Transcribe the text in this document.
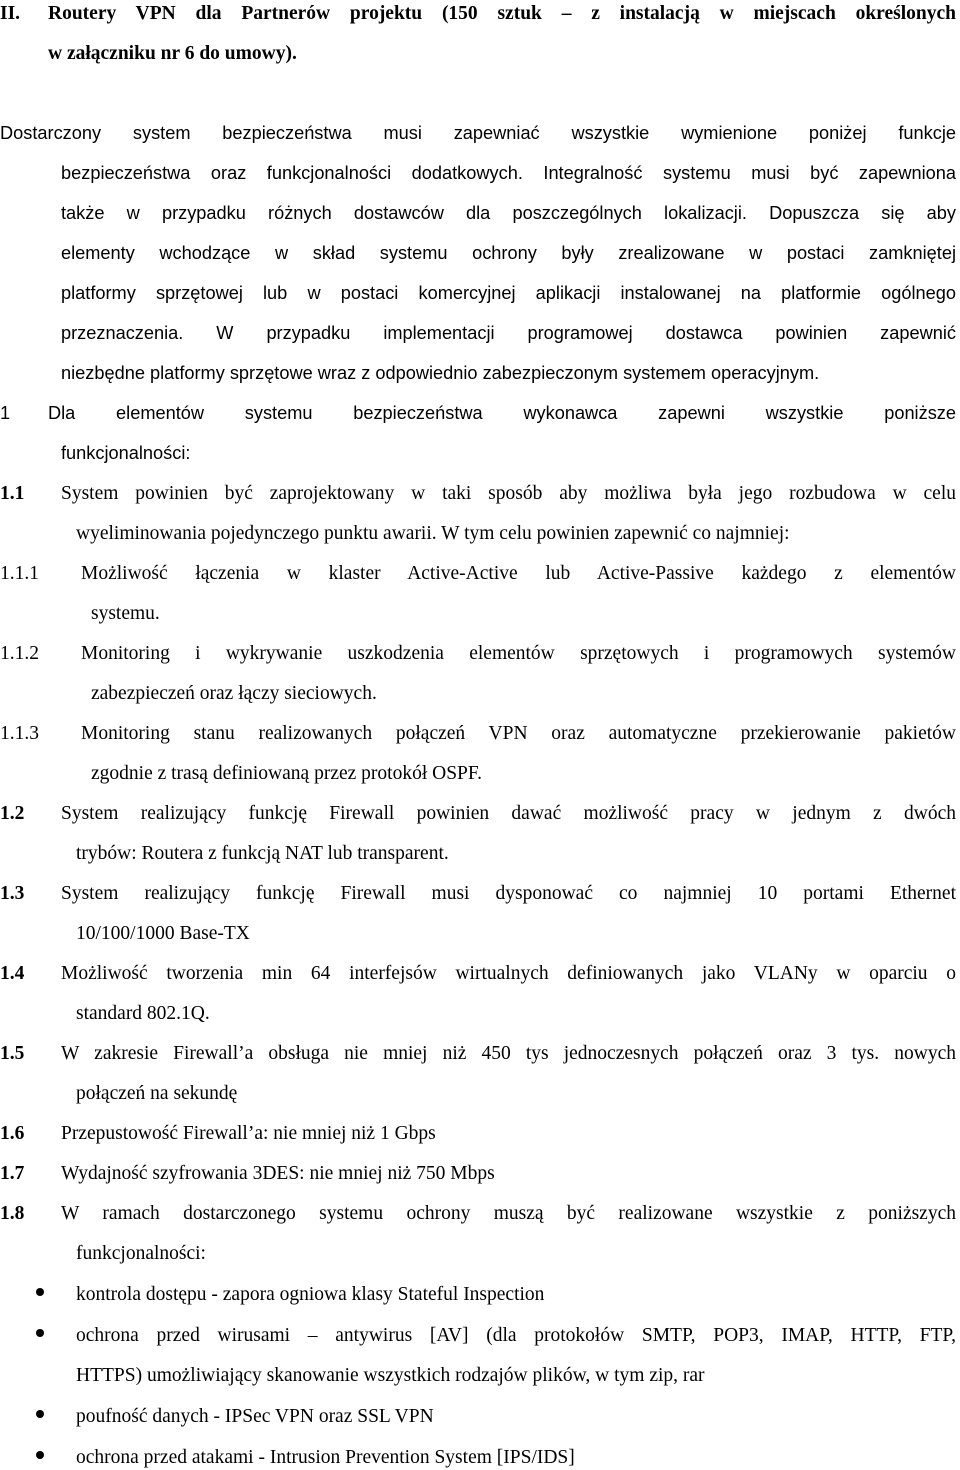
II. Routery VPN dla Partnerów projektu (150 sztuk – z instalacją w miejscach określonych
w załączniku nr 6 do umowy).
Dostarczony system bezpieczeństwa musi zapewniać wszystkie wymienione poniżej funkcje
bezpieczeństwa oraz funkcjonalności dodatkowych. Integralność systemu musi być zapewniona
także w przypadku różnych dostawców dla poszczególnych lokalizacji. Dopuszcza się aby
elementy wchodzące w skład systemu ochrony były zrealizowane w postaci zamkniętej
platformy sprzętowej lub w postaci komercyjnej aplikacji instalowanej na platformie ogólnego
przeznaczenia. W przypadku implementacji programowej dostawca powinien zapewnić
niezbędne platformy sprzętowe wraz z odpowiednio zabezpieczonym systemem operacyjnym.
1 Dla elementów systemu bezpieczeństwa wykonawca zapewni wszystkie poniższe
funkcjonalności:
1.1 System powinien być zaprojektowany w taki sposób aby możliwa była jego rozbudowa w celu
wyeliminowania pojedynczego punktu awarii. W tym celu powinien zapewnić co najmniej:
1.1.1 Możliwość łączenia w klaster Active-Active lub Active-Passive każdego z elementów
systemu.
1.1.2 Monitoring i wykrywanie uszkodzenia elementów sprzętowych i programowych systemów
zabezpieczeń oraz łączy sieciowych.
1.1.3 Monitoring stanu realizowanych połączeń VPN oraz automatyczne przekierowanie pakietów
zgodnie z trasą definiowaną przez protokół OSPF.
1.2 System realizujący funkcję Firewall powinien dawać możliwość pracy w jednym z dwóch
trybów: Routera z funkcją NAT lub transparent.
1.3 System realizujący funkcję Firewall musi dysponować co najmniej 10 portami Ethernet
10/100/1000 Base-TX
1.4 Możliwość tworzenia min 64 interfejsów wirtualnych definiowanych jako VLANy w oparciu o
standard 802.1Q.
1.5 W zakresie Firewall’a obsługa nie mniej niż 450 tys jednoczesnych połączeń oraz 3 tys. nowych
połączeń na sekundę
1.6 Przepustowość Firewall’a: nie mniej niż 1 Gbps
1.7 Wydajność szyfrowania 3DES: nie mniej niż 750 Mbps
1.8 W ramach dostarczonego systemu ochrony muszą być realizowane wszystkie z poniższych
funkcjonalności:
kontrola dostępu - zapora ogniowa klasy Stateful Inspection
ochrona przed wirusami – antywirus [AV] (dla protokołów SMTP, POP3, IMAP, HTTP, FTP,
HTTPS) umożliwiający skanowanie wszystkich rodzajów plików, w tym zip, rar
poufność danych - IPSec VPN oraz SSL VPN
ochrona przed atakami - Intrusion Prevention System [IPS/IDS]
